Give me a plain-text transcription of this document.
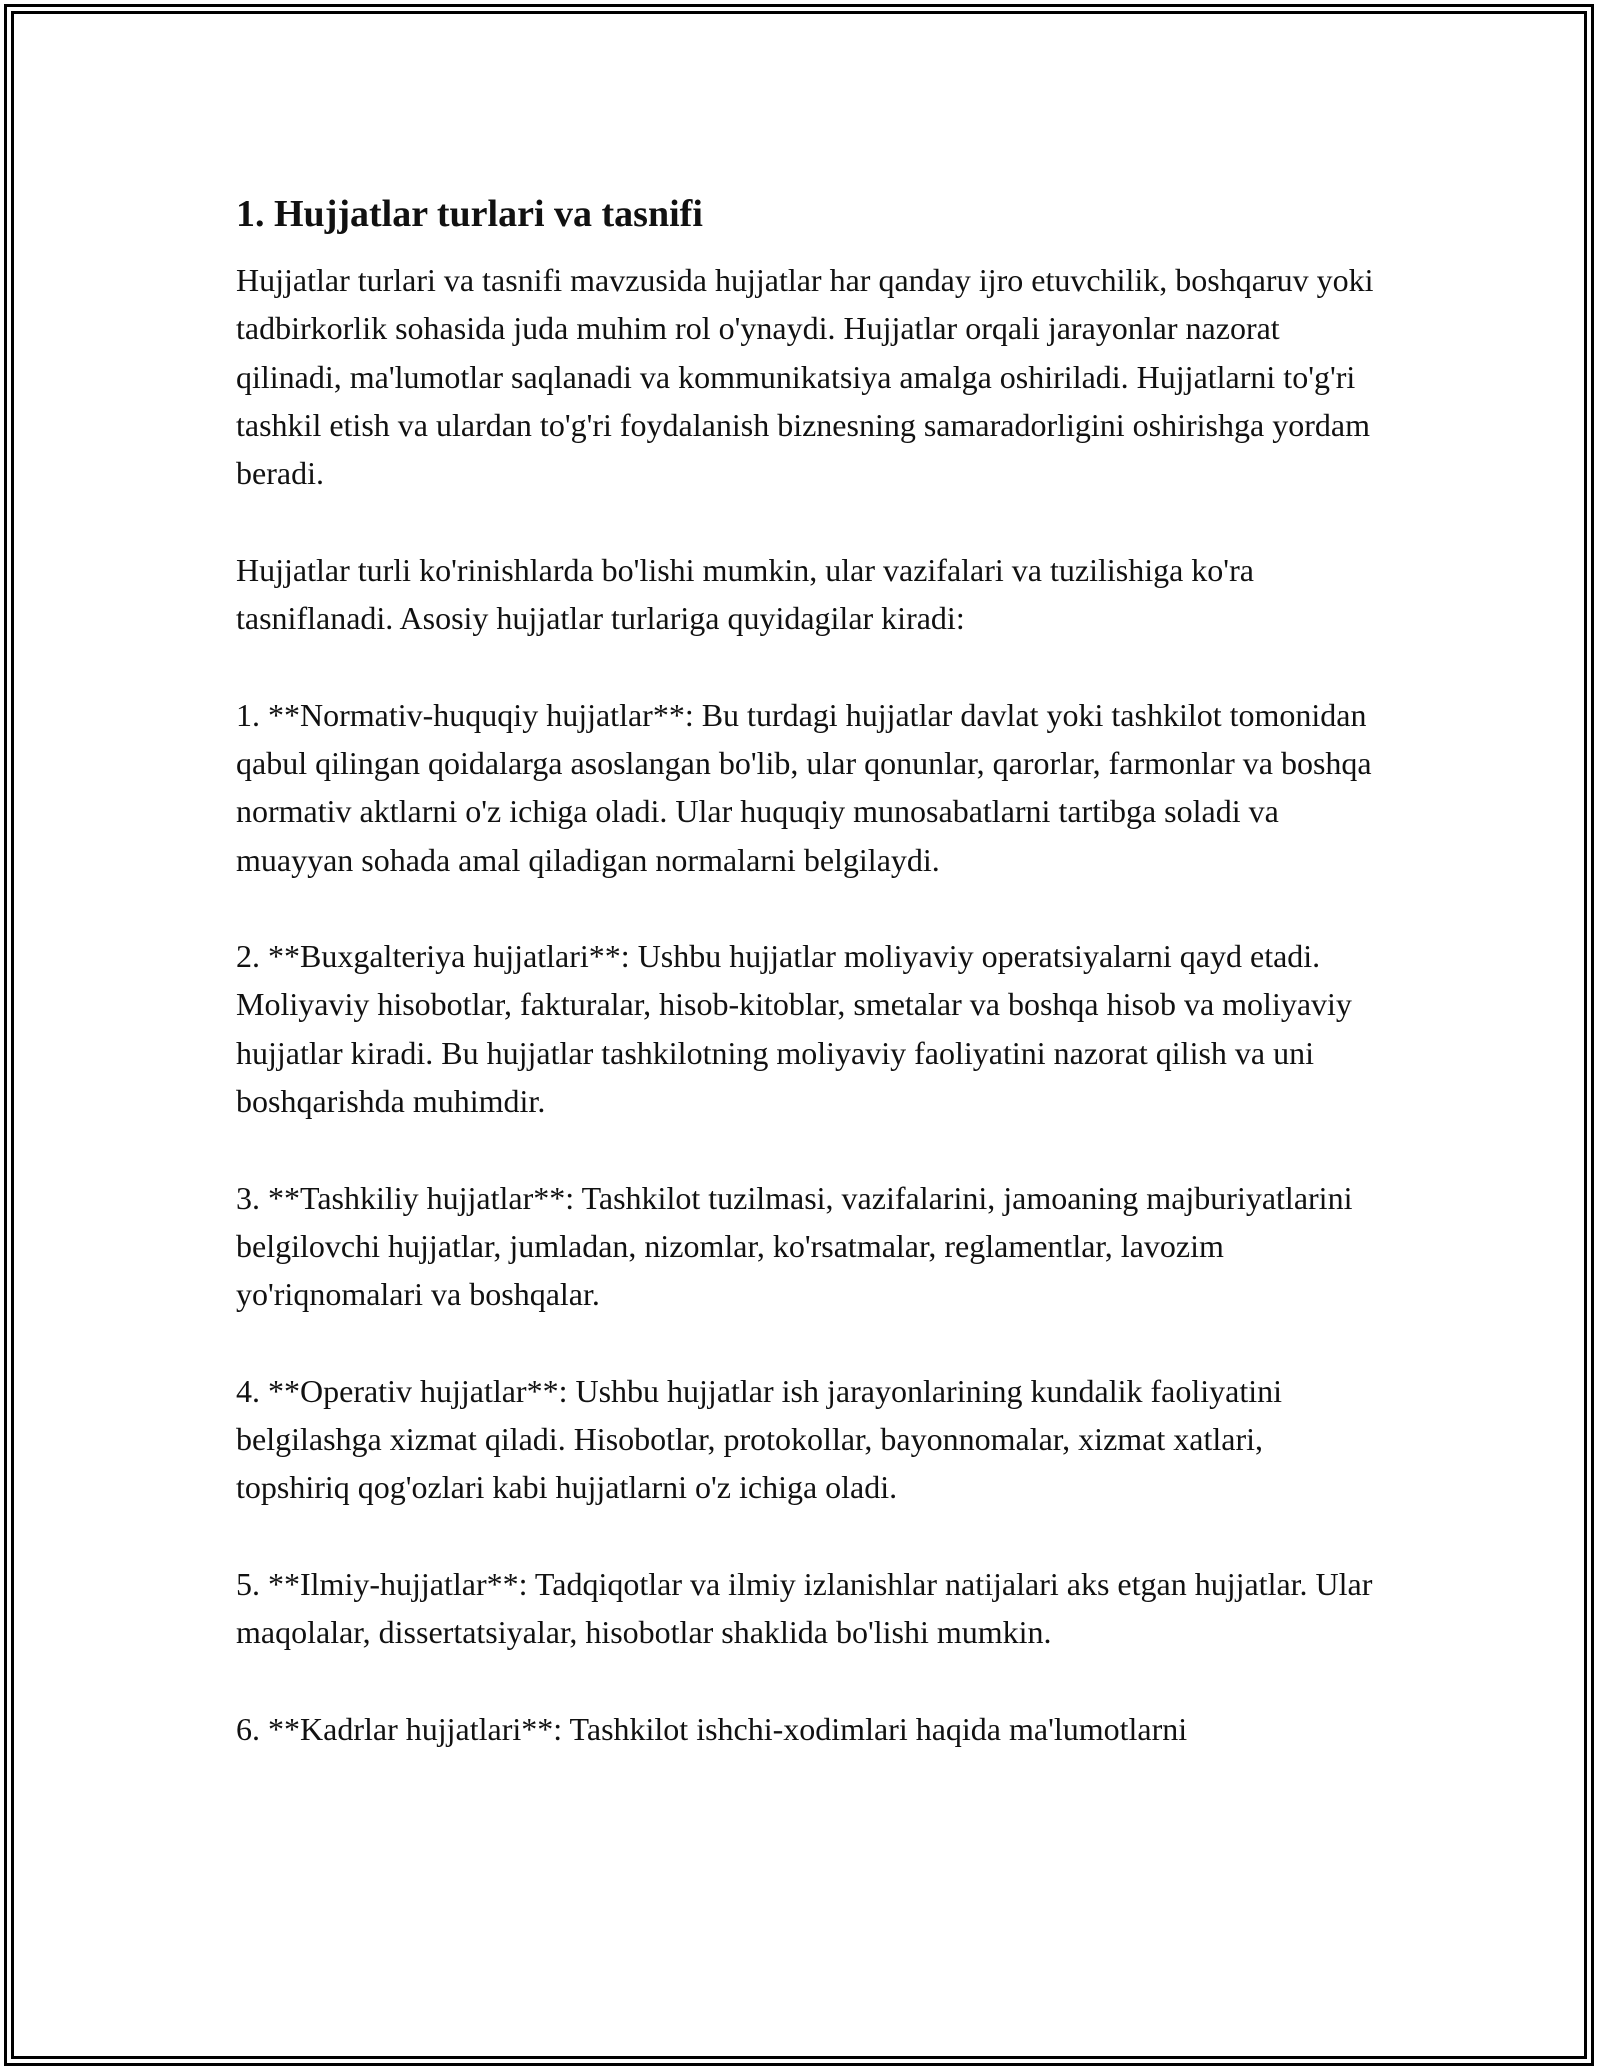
1. Hujjatlar turlari va tasnifi

Hujjatlar turlari va tasnifi mavzusida hujjatlar har qanday ijro etuvchilik, boshqaruv yoki tadbirkorlik sohasida juda muhim rol o'ynaydi. Hujjatlar orqali jarayonlar nazorat qilinadi, ma'lumotlar saqlanadi va kommunikatsiya amalga oshiriladi. Hujjatlarni to'g'ri tashkil etish va ulardan to'g'ri foydalanish biznesning samaradorligini oshirishga yordam beradi.

Hujjatlar turli ko'rinishlarda bo'lishi mumkin, ular vazifalari va tuzilishiga ko'ra tasniflanadi. Asosiy hujjatlar turlariga quyidagilar kiradi:

1. **Normativ-huquqiy hujjatlar**: Bu turdagi hujjatlar davlat yoki tashkilot tomonidan qabul qilingan qoidalarga asoslangan bo'lib, ular qonunlar, qarorlar, farmonlar va boshqa normativ aktlarni o'z ichiga oladi. Ular huquqiy munosabatlarni tartibga soladi va muayyan sohada amal qiladigan normalarni belgilaydi.

2. **Buxgalteriya hujjatlari**: Ushbu hujjatlar moliyaviy operatsiyalarni qayd etadi. Moliyaviy hisobotlar, fakturalar, hisob-kitoblar, smetalar va boshqa hisob va moliyaviy hujjatlar kiradi. Bu hujjatlar tashkilotning moliyaviy faoliyatini nazorat qilish va uni boshqarishda muhimdir.

3. **Tashkiliy hujjatlar**: Tashkilot tuzilmasi, vazifalarini, jamoaning majburiyatlarini belgilovchi hujjatlar, jumladan, nizomlar, ko'rsatmalar, reglamentlar, lavozim yo'riqnomalari va boshqalar.

4. **Operativ hujjatlar**: Ushbu hujjatlar ish jarayonlarining kundalik faoliyatini belgilashga xizmat qiladi. Hisobotlar, protokollar, bayonnomalar, xizmat xatlari, topshiriq qog'ozlari kabi hujjatlarni o'z ichiga oladi.

5. **Ilmiy-hujjatlar**: Tadqiqotlar va ilmiy izlanishlar natijalari aks etgan hujjatlar. Ular maqolalar, dissertatsiyalar, hisobotlar shaklida bo'lishi mumkin.

6. **Kadrlar hujjatlari**: Tashkilot ishchi-xodimlari haqida ma'lumotlarni
